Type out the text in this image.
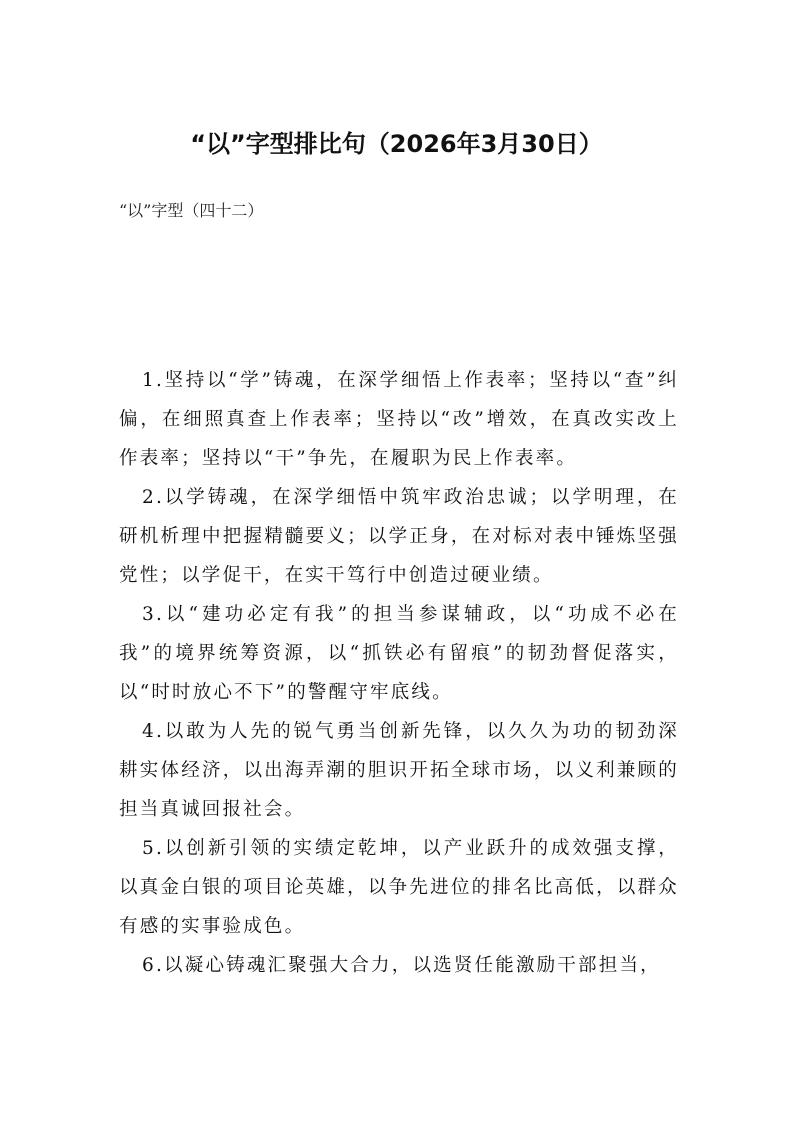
“以”字型排比句（2026年3月30日）

“以”字型（四十二）

1.坚持以“学”铸魂，在深学细悟上作表率；坚持以“查”纠偏，在细照真查上作表率；坚持以“改”增效，在真改实改上作表率；坚持以“干”争先，在履职为民上作表率。

2.以学铸魂，在深学细悟中筑牢政治忠诚；以学明理，在研机析理中把握精髓要义；以学正身，在对标对表中锤炼坚强党性；以学促干，在实干笃行中创造过硬业绩。

3.以“建功必定有我”的担当参谋辅政，以“功成不必在我”的境界统筹资源，以“抓铁必有留痕”的韧劲督促落实，以“时时放心不下”的警醒守牢底线。

4.以敢为人先的锐气勇当创新先锋，以久久为功的韧劲深耕实体经济，以出海弄潮的胆识开拓全球市场，以义利兼顾的担当真诚回报社会。

5.以创新引领的实绩定乾坤，以产业跃升的成效强支撑，以真金白银的项目论英雄，以争先进位的排名比高低，以群众有感的实事验成色。

6.以凝心铸魂汇聚强大合力，以选贤任能激励干部担当，
